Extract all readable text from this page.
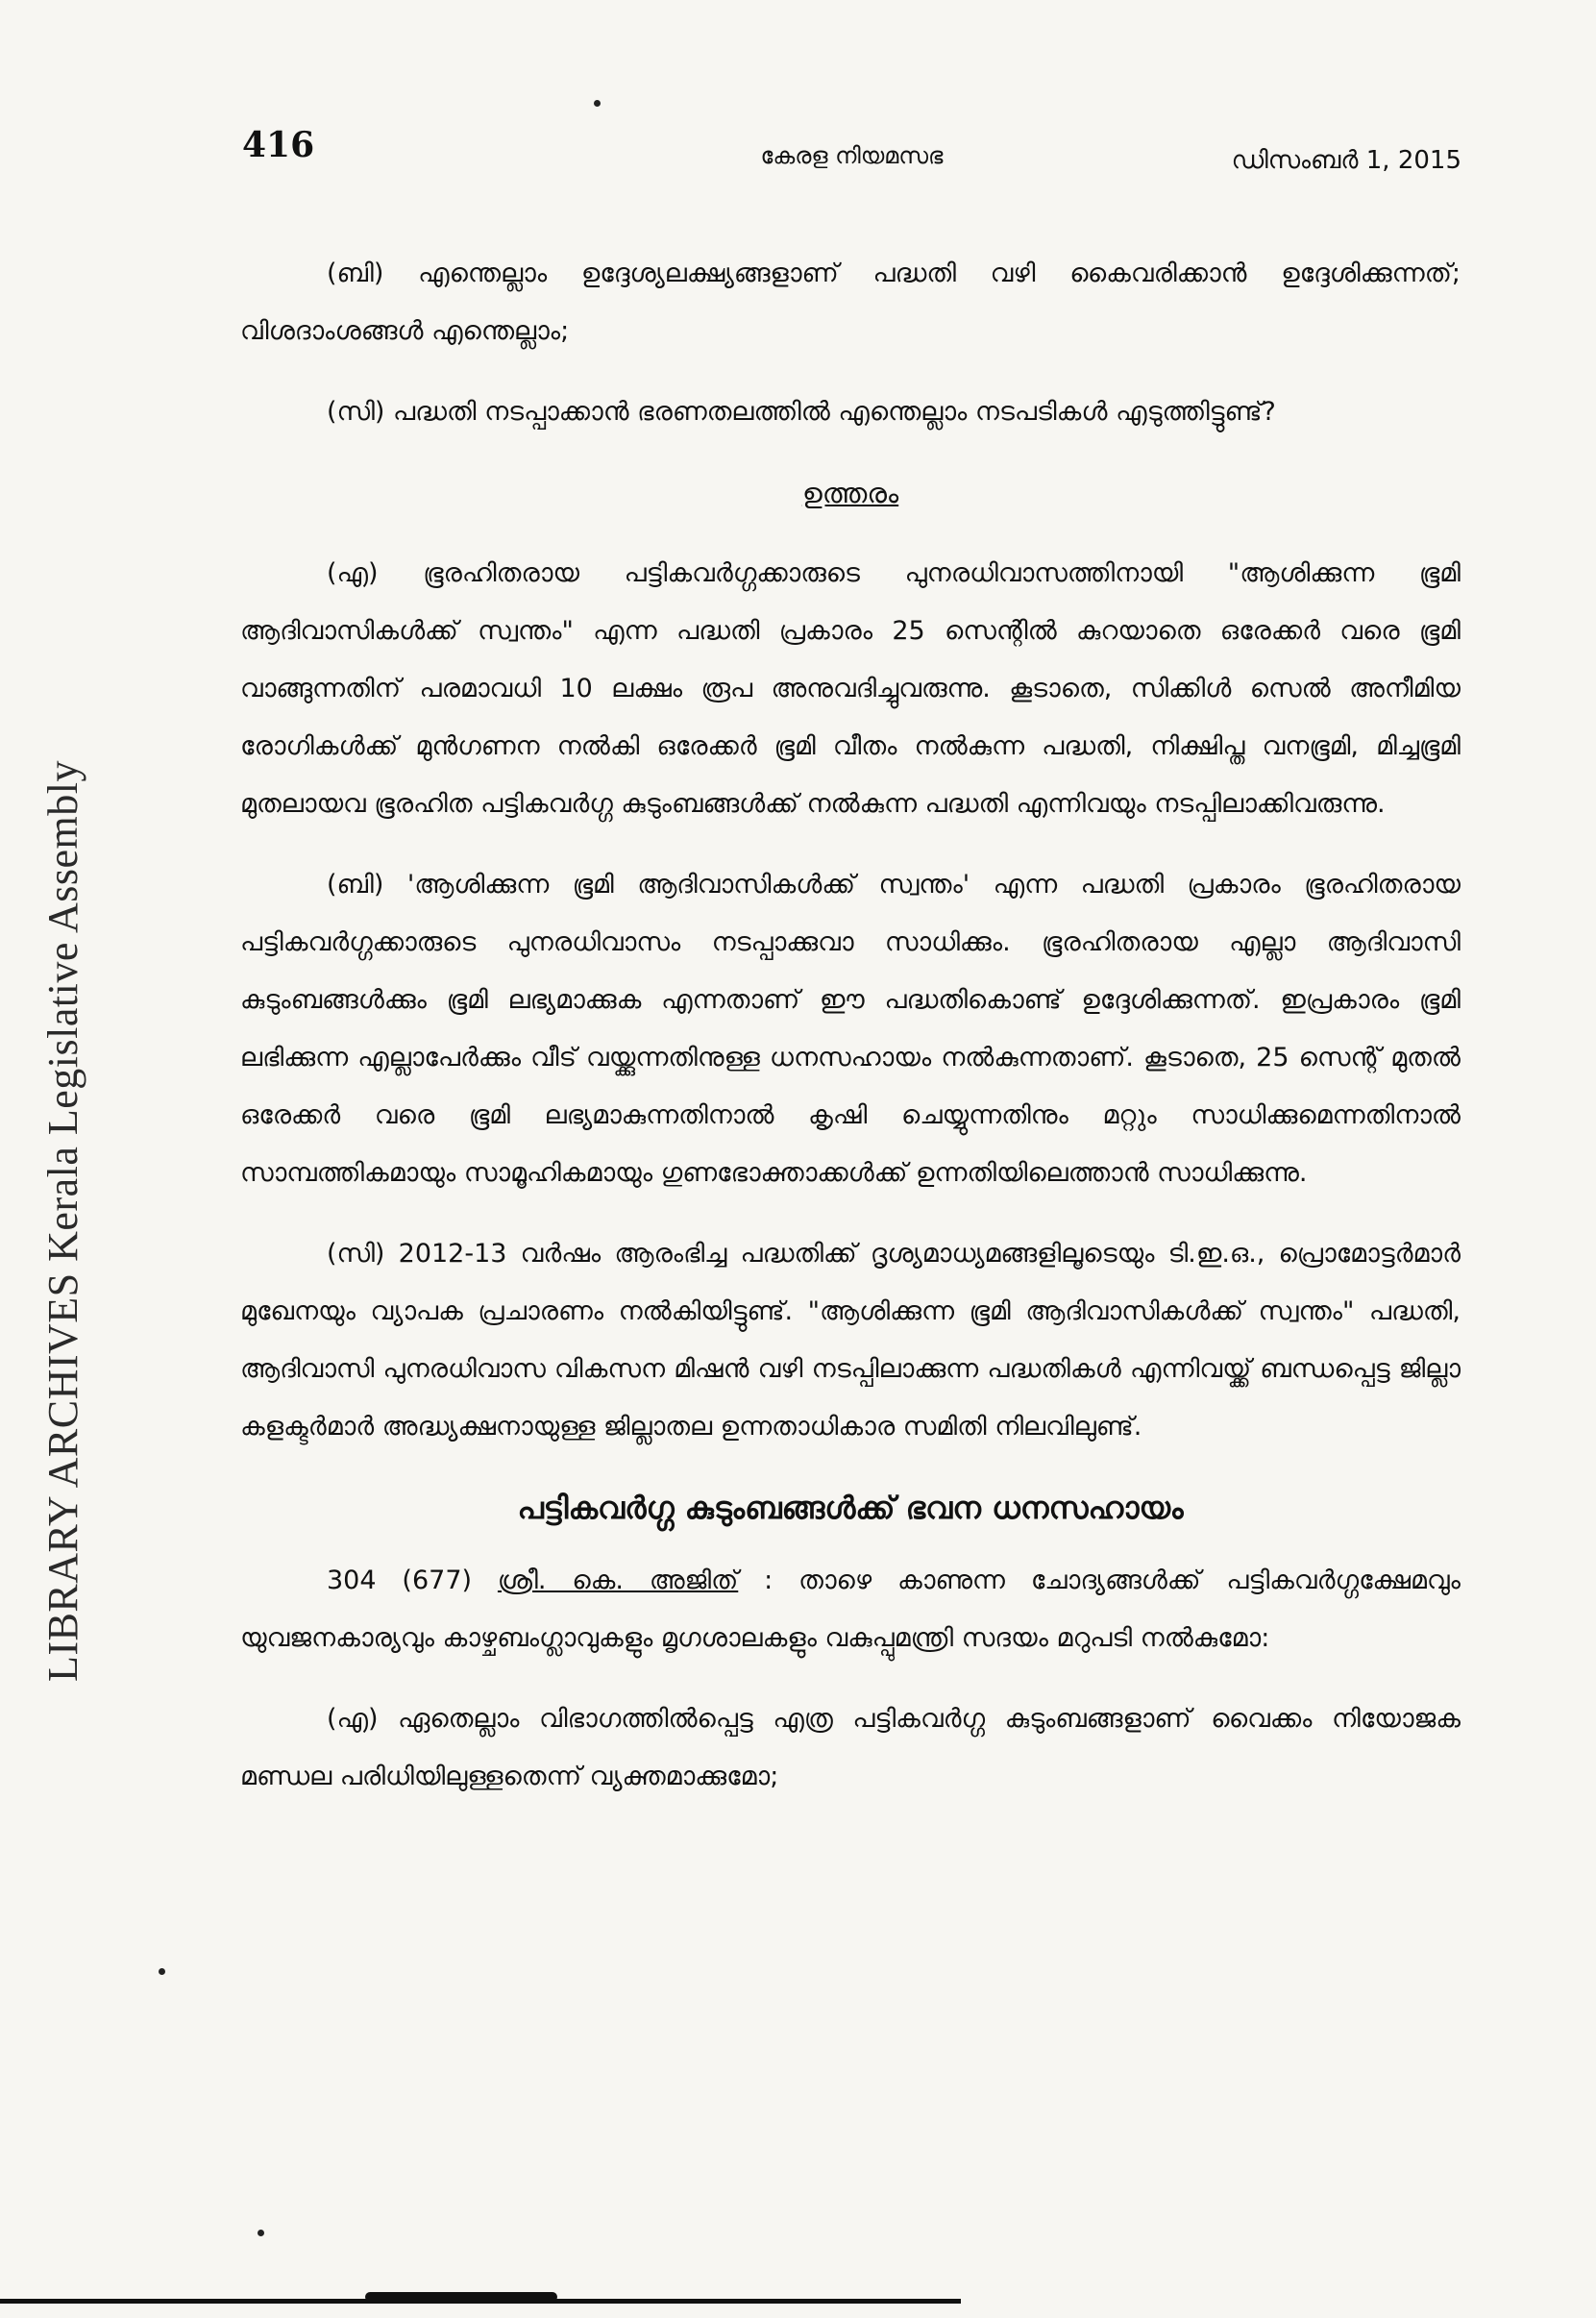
416	കേരള നിയമസഭ	ഡിസംബർ 1, 2015
LIBRARY ARCHIVES Kerala Legislative Assembly

(ബി) എന്തെല്ലാം ഉദ്ദേശ്യലക്ഷ്യങ്ങളാണ് പദ്ധതി വഴി കൈവരിക്കാൻ ഉദ്ദേശിക്കുന്നത്; വിശദാംശങ്ങൾ എന്തെല്ലാം;

(സി) പദ്ധതി നടപ്പാക്കാൻ ഭരണതലത്തിൽ എന്തെല്ലാം നടപടികൾ എടുത്തിട്ടുണ്ട്?

ഉത്തരം

(എ) ഭൂരഹിതരായ പട്ടികവർഗ്ഗക്കാരുടെ പുനരധിവാസത്തിനായി "ആശിക്കുന്ന ഭൂമി ആദിവാസികൾക്ക് സ്വന്തം" എന്ന പദ്ധതി പ്രകാരം 25 സെന്റിൽ കുറയാതെ ഒരേക്കർ വരെ ഭൂമി വാങ്ങുന്നതിന് പരമാവധി 10 ലക്ഷം രൂപ അനുവദിച്ചുവരുന്നു. കൂടാതെ, സിക്കിൾ സെൽ അനീമിയ രോഗികൾക്ക് മുൻഗണന നൽകി ഒരേക്കർ ഭൂമി വീതം നൽകുന്ന പദ്ധതി, നിക്ഷിപ്ത വനഭൂമി, മിച്ചഭൂമി മുതലായവ ഭൂരഹിത പട്ടികവർഗ്ഗ കുടുംബങ്ങൾക്ക് നൽകുന്ന പദ്ധതി എന്നിവയും നടപ്പിലാക്കിവരുന്നു.

(ബി) 'ആശിക്കുന്ന ഭൂമി ആദിവാസികൾക്ക് സ്വന്തം' എന്ന പദ്ധതി പ്രകാരം ഭൂരഹിതരായ പട്ടികവർഗ്ഗക്കാരുടെ പുനരധിവാസം നടപ്പാക്കുവാ സാധിക്കും. ഭൂരഹിതരായ എല്ലാ ആദിവാസി കുടുംബങ്ങൾക്കും ഭൂമി ലഭ്യമാക്കുക എന്നതാണ് ഈ പദ്ധതികൊണ്ട് ഉദ്ദേശിക്കുന്നത്. ഇപ്രകാരം ഭൂമി ലഭിക്കുന്ന എല്ലാപേർക്കും വീട് വയ്ക്കുന്നതിനുള്ള ധനസഹായം നൽകുന്നതാണ്. കൂടാതെ, 25 സെന്റ് മുതൽ ഒരേക്കർ വരെ ഭൂമി ലഭ്യമാകുന്നതിനാൽ കൃഷി ചെയ്യുന്നതിനും മറ്റും സാധിക്കുമെന്നതിനാൽ സാമ്പത്തികമായും സാമൂഹികമായും ഗുണഭോക്താക്കൾക്ക് ഉന്നതിയിലെത്താൻ സാധിക്കുന്നു.

(സി) 2012-13 വർഷം ആരംഭിച്ച പദ്ധതിക്ക് ദൃശ്യമാധ്യമങ്ങളിലൂടെയും ടി.ഇ.ഒ., പ്രൊമോട്ടർമാർ മുഖേനയും വ്യാപക പ്രചാരണം നൽകിയിട്ടുണ്ട്. "ആശിക്കുന്ന ഭൂമി ആദിവാസികൾക്ക് സ്വന്തം" പദ്ധതി, ആദിവാസി പുനരധിവാസ വികസന മിഷൻ വഴി നടപ്പിലാക്കുന്ന പദ്ധതികൾ എന്നിവയ്ക്ക് ബന്ധപ്പെട്ട ജില്ലാ കളക്ടർമാർ അദ്ധ്യക്ഷനായുള്ള ജില്ലാതല ഉന്നതാധികാര സമിതി നിലവിലുണ്ട്.

പട്ടികവർഗ്ഗ കുടുംബങ്ങൾക്ക് ഭവന ധനസഹായം

304 (677) ശ്രീ. കെ. അജിത് : താഴെ കാണുന്ന ചോദ്യങ്ങൾക്ക് പട്ടികവർഗ്ഗക്ഷേമവും യുവജനകാര്യവും കാഴ്ചബംഗ്ലാവുകളും മൃഗശാലകളും വകുപ്പുമന്ത്രി സദയം മറുപടി നൽകുമോ:

(എ) ഏതെല്ലാം വിഭാഗത്തിൽപ്പെട്ട എത്ര പട്ടികവർഗ്ഗ കുടുംബങ്ങളാണ് വൈക്കം നിയോജക മണ്ഡല പരിധിയിലുള്ളതെന്ന് വ്യക്തമാക്കുമോ;
